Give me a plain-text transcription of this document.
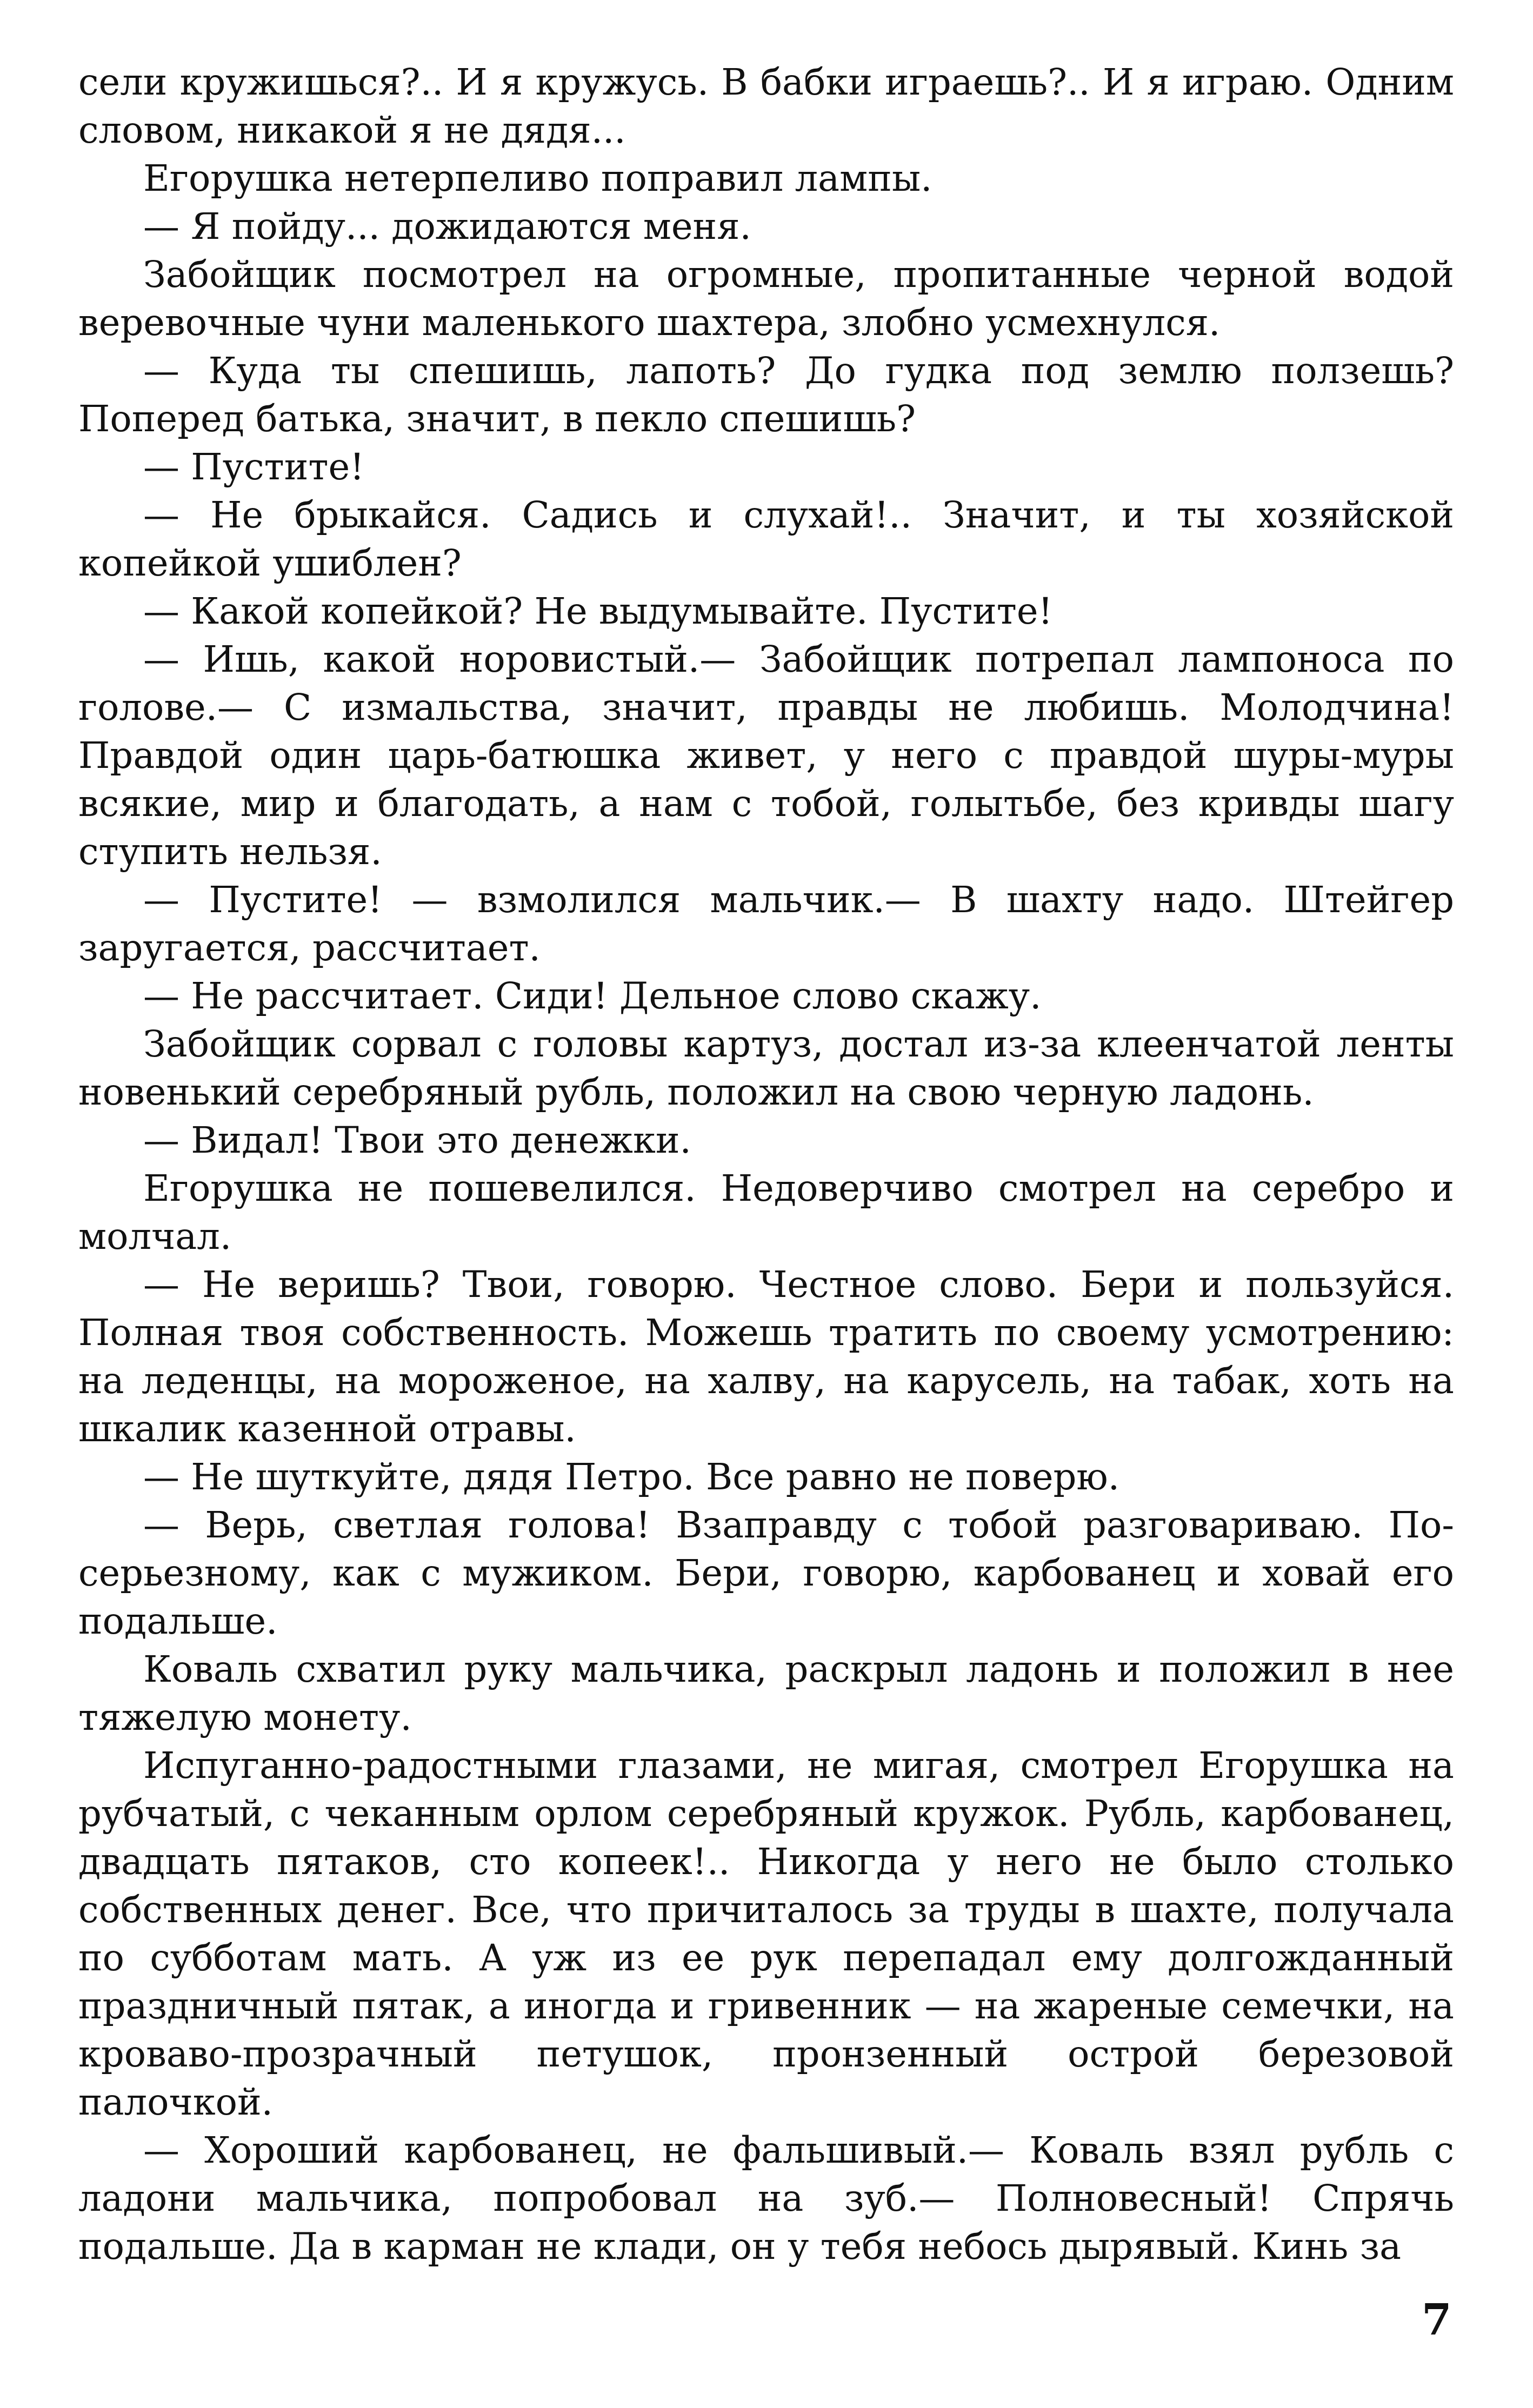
сели кружишься?.. И я кружусь. В бабки играешь?.. И я играю. Одним словом, никакой я не дядя...

Егорушка нетерпеливо поправил лампы.

— Я пойду... дожидаются меня.

Забойщик посмотрел на огромные, пропитанные черной водой веревочные чуни маленького шахтера, злобно усмехнулся.

— Куда ты спешишь, лапоть? До гудка под землю ползешь? Поперед батька, значит, в пекло спешишь?

— Пустите!

— Не брыкайся. Садись и слухай!.. Значит, и ты хозяйской копейкой ушиблен?

— Какой копейкой? Не выдумывайте. Пустите!

— Ишь, какой норовистый.— Забойщик потрепал лампоноса по голове.— С измальства, значит, правды не любишь. Молодчина! Правдой один царь-батюшка живет, у него с правдой шуры-муры всякие, мир и благодать, а нам с тобой, голытьбе, без кривды шагу ступить нельзя.

— Пустите! — взмолился мальчик.— В шахту надо. Штейгер заругается, рассчитает.

— Не рассчитает. Сиди! Дельное слово скажу.

Забойщик сорвал с головы картуз, достал из-за клеенчатой ленты новенький серебряный рубль, положил на свою черную ладонь.

— Видал! Твои это денежки.

Егорушка не пошевелился. Недоверчиво смотрел на серебро и молчал.

— Не веришь? Твои, говорю. Честное слово. Бери и пользуйся. Полная твоя собственность. Можешь тратить по своему усмотрению: на леденцы, на мороженое, на халву, на карусель, на табак, хоть на шкалик казенной отравы.

— Не шуткуйте, дядя Петро. Все равно не поверю.

— Верь, светлая голова! Взаправду с тобой разговариваю. По-серьезному, как с мужиком. Бери, говорю, карбованец и ховай его подальше.

Коваль схватил руку мальчика, раскрыл ладонь и положил в нее тяжелую монету.

Испуганно-радостными глазами, не мигая, смотрел Егорушка на рубчатый, с чеканным орлом серебряный кружок. Рубль, карбованец, двадцать пятаков, сто копеек!.. Никогда у него не было столько собственных денег. Все, что причиталось за труды в шахте, получала по субботам мать. А уж из ее рук перепадал ему долгожданный праздничный пятак, а иногда и гривенник — на жареные семечки, на кроваво-прозрачный петушок, пронзенный острой березовой палочкой.

— Хороший карбованец, не фальшивый.— Коваль взял рубль с ладони мальчика, попробовал на зуб.— Полновесный! Спрячь подальше. Да в карман не клади, он у тебя небось дырявый. Кинь за

7
